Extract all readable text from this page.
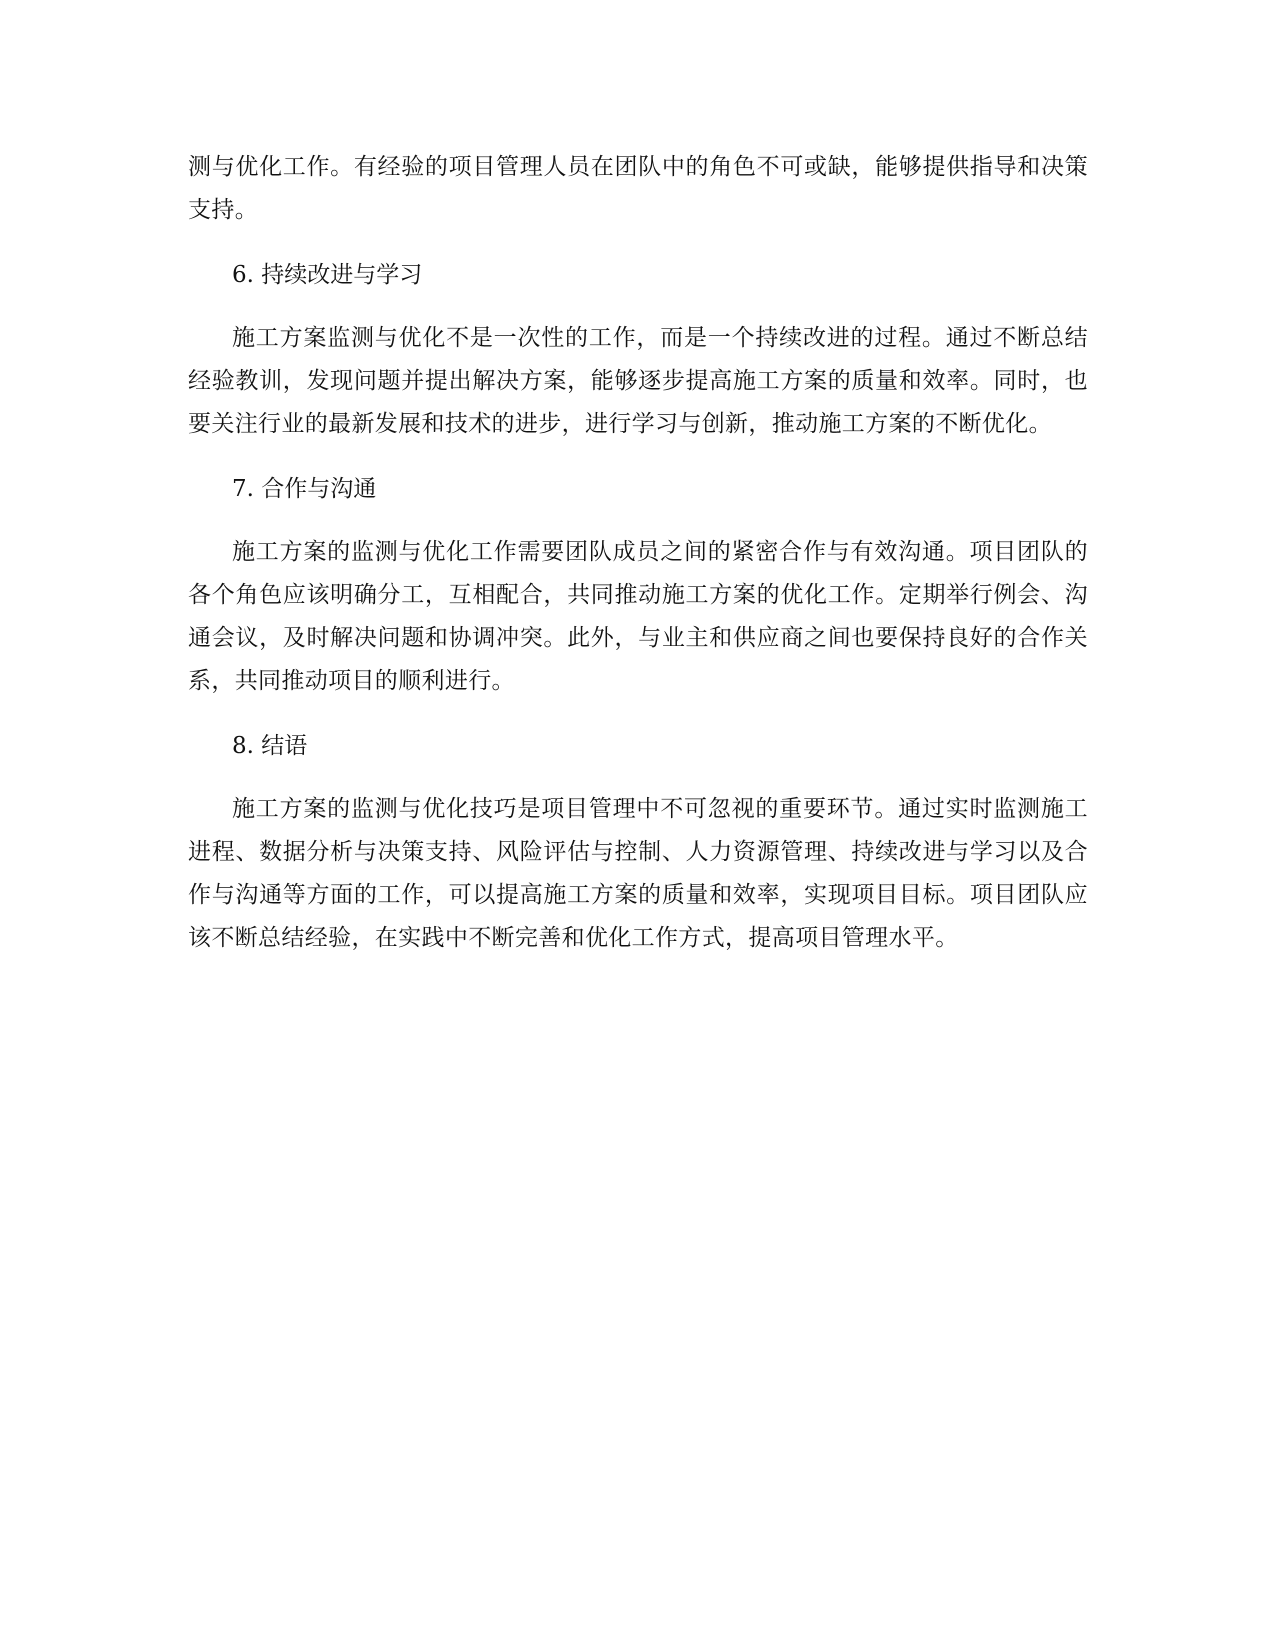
测与优化工作。有经验的项目管理人员在团队中的角色不可或缺，能够提供指导和决策支持。

6. 持续改进与学习

施工方案监测与优化不是一次性的工作，而是一个持续改进的过程。通过不断总结经验教训，发现问题并提出解决方案，能够逐步提高施工方案的质量和效率。同时，也要关注行业的最新发展和技术的进步，进行学习与创新，推动施工方案的不断优化。

7. 合作与沟通

施工方案的监测与优化工作需要团队成员之间的紧密合作与有效沟通。项目团队的各个角色应该明确分工，互相配合，共同推动施工方案的优化工作。定期举行例会、沟通会议，及时解决问题和协调冲突。此外，与业主和供应商之间也要保持良好的合作关系，共同推动项目的顺利进行。

8. 结语

施工方案的监测与优化技巧是项目管理中不可忽视的重要环节。通过实时监测施工进程、数据分析与决策支持、风险评估与控制、人力资源管理、持续改进与学习以及合作与沟通等方面的工作，可以提高施工方案的质量和效率，实现项目目标。项目团队应该不断总结经验，在实践中不断完善和优化工作方式，提高项目管理水平。
